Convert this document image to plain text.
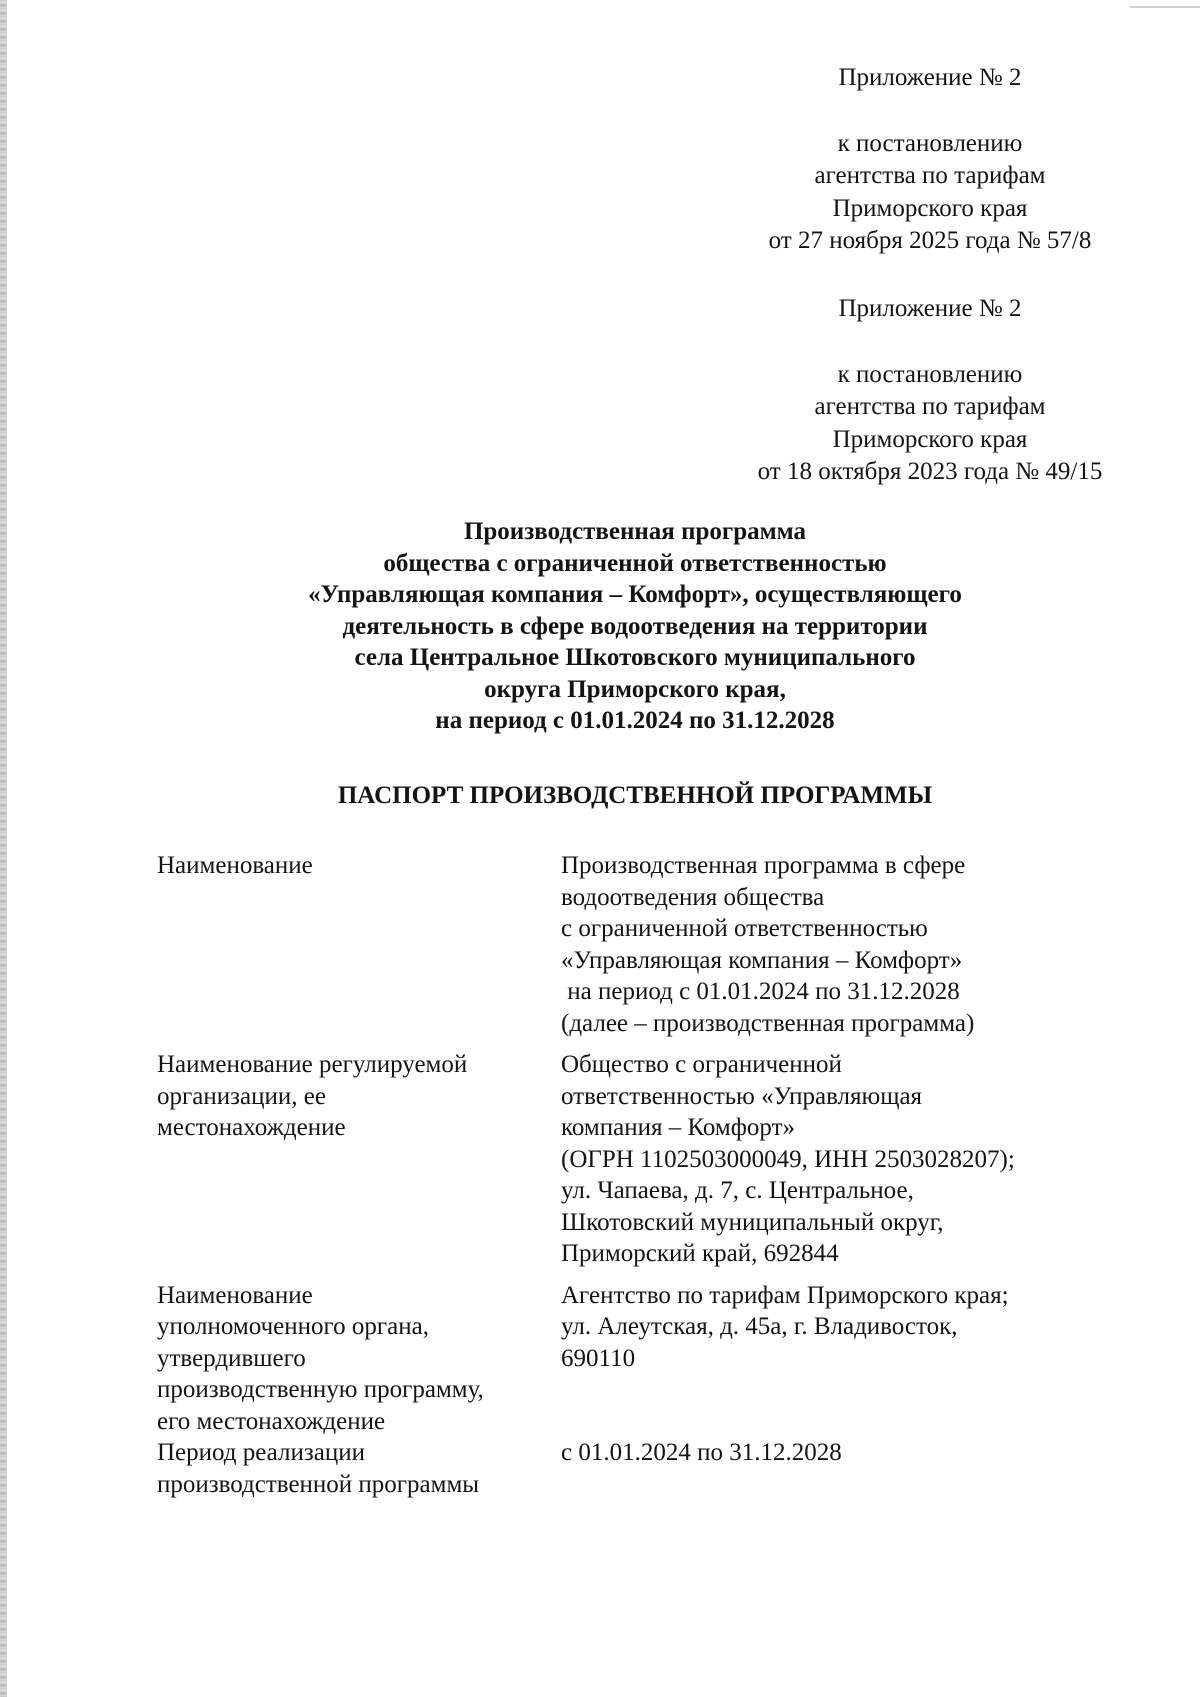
Приложение № 2
к постановлению
агентства по тарифам
Приморского края
от 27 ноября 2025 года № 57/8
Приложение № 2
к постановлению
агентства по тарифам
Приморского края
от 18 октября 2023 года № 49/15
Производственная программа
общества с ограниченной ответственностью
«Управляющая компания – Комфорт», осуществляющего
деятельность в сфере водоотведения на территории
села Центральное Шкотовского муниципального
округа Приморского края,
на период с 01.01.2024 по 31.12.2028
ПАСПОРТ ПРОИЗВОДСТВЕННОЙ ПРОГРАММЫ
Наименование	Производственная программа в сфере
водоотведения общества
с ограниченной ответственностью
«Управляющая компания – Комфорт»
на период с 01.01.2024 по 31.12.2028
(далее – производственная программа)
Наименование регулируемой
организации, ее
местонахождение
Общество с ограниченной
ответственностью «Управляющая
компания – Комфорт»
(ОГРН 1102503000049, ИНН 2503028207);
ул. Чапаева, д. 7, с. Центральное,
Шкотовский муниципальный округ,
Приморский край, 692844
Наименование
уполномоченного органа,
утвердившего
производственную программу,
его местонахождение
Агентство по тарифам Приморского края;
ул. Алеутская, д. 45а, г. Владивосток,
690110
Период реализации
производственной программы
с 01.01.2024 по 31.12.2028
